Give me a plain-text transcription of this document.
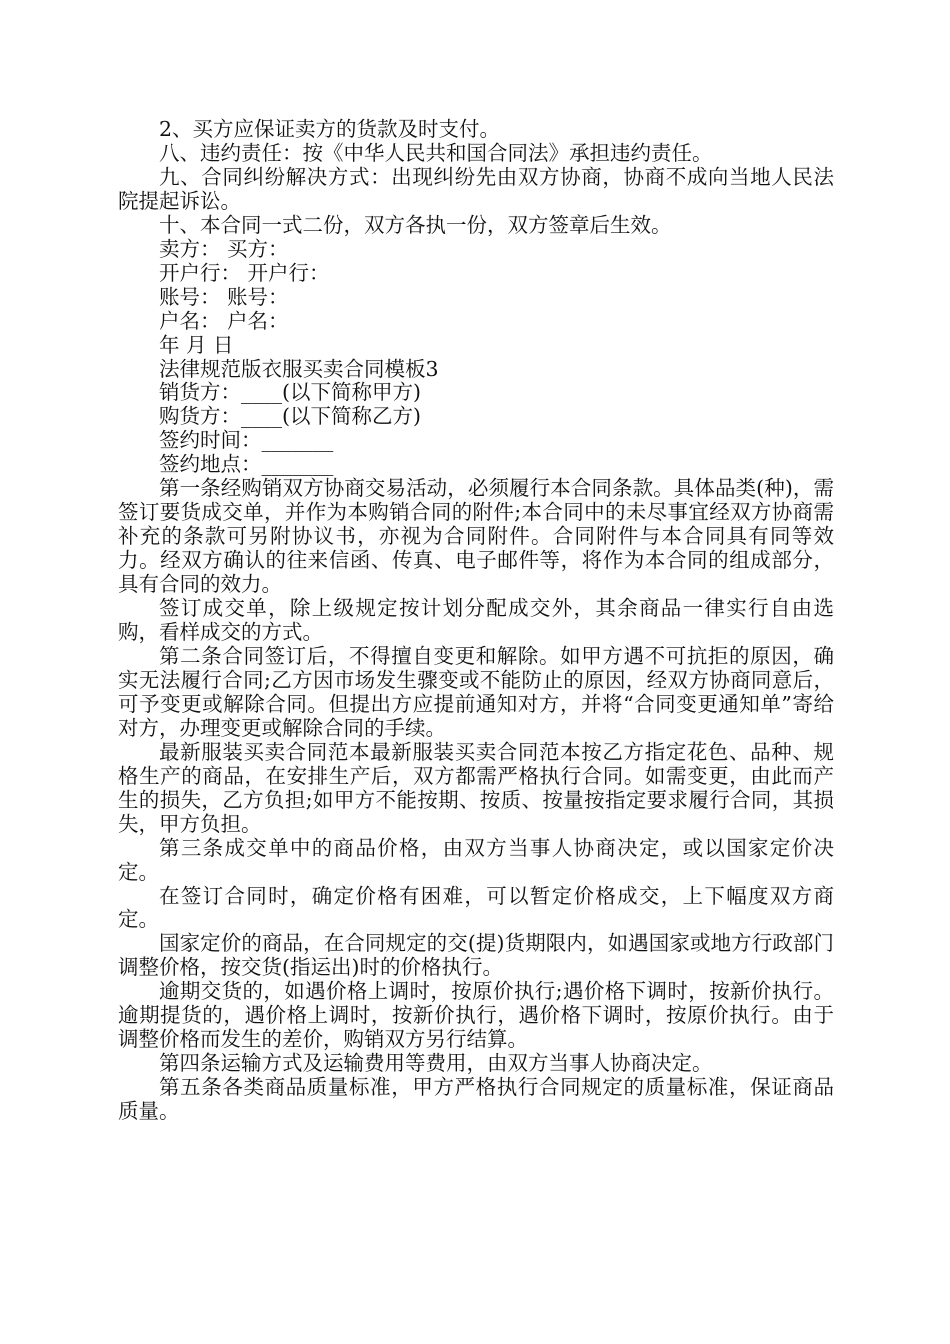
2、买方应保证卖方的货款及时支付。

八、违约责任：按《中华人民共和国合同法》承担违约责任。

九、合同纠纷解决方式：出现纠纷先由双方协商，协商不成向当地人民法院提起诉讼。

十、本合同一式二份，双方各执一份，双方签章后生效。

卖方： 买方：

开户行： 开户行：

账号： 账号：

户名： 户名：

年 月 日

法律规范版衣服买卖合同模板3

销货方：____(以下简称甲方)

购货方：____(以下简称乙方)

签约时间：_______

签约地点：_______

第一条经购销双方协商交易活动，必须履行本合同条款。具体品类(种)，需签订要货成交单，并作为本购销合同的附件;本合同中的未尽事宜经双方协商需补充的条款可另附协议书，亦视为合同附件。合同附件与本合同具有同等效力。经双方确认的往来信函、传真、电子邮件等，将作为本合同的组成部分，具有合同的效力。

签订成交单，除上级规定按计划分配成交外，其余商品一律实行自由选购，看样成交的方式。

第二条合同签订后，不得擅自变更和解除。如甲方遇不可抗拒的原因，确实无法履行合同;乙方因市场发生骤变或不能防止的原因，经双方协商同意后，可予变更或解除合同。但提出方应提前通知对方，并将“合同变更通知单”寄给对方，办理变更或解除合同的手续。

最新服装买卖合同范本最新服装买卖合同范本按乙方指定花色、品种、规格生产的商品，在安排生产后，双方都需严格执行合同。如需变更，由此而产生的损失，乙方负担;如甲方不能按期、按质、按量按指定要求履行合同，其损失，甲方负担。

第三条成交单中的商品价格，由双方当事人协商决定，或以国家定价决定。

在签订合同时，确定价格有困难，可以暂定价格成交，上下幅度双方商定。

国家定价的商品，在合同规定的交(提)货期限内，如遇国家或地方行政部门调整价格，按交货(指运出)时的价格执行。

逾期交货的，如遇价格上调时，按原价执行;遇价格下调时，按新价执行。逾期提货的，遇价格上调时，按新价执行，遇价格下调时，按原价执行。由于调整价格而发生的差价，购销双方另行结算。

第四条运输方式及运输费用等费用，由双方当事人协商决定。

第五条各类商品质量标准，甲方严格执行合同规定的质量标准，保证商品质量。
